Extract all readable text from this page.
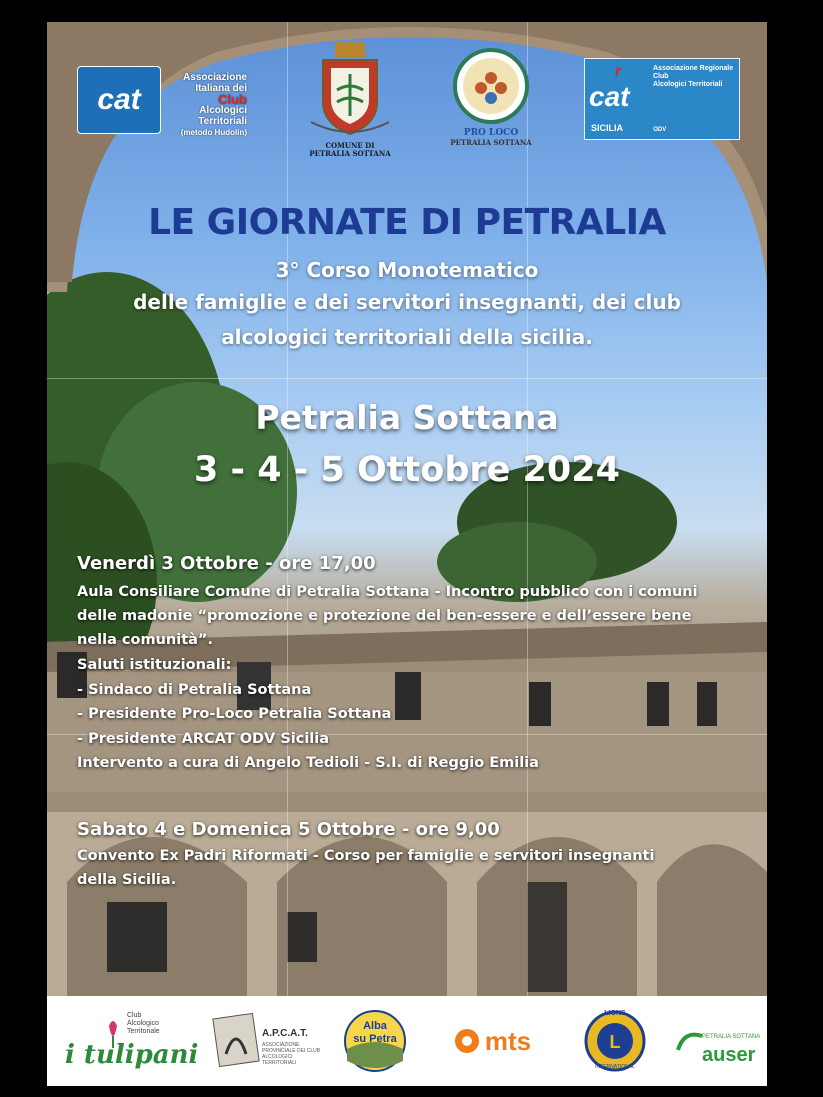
cat
Associazione
Italiana dei
Club
Alcologici
Territoriali
(metodo Hudolin)
COMUNE DI
PETRALIA SOTTANA
PRO LOCO
PETRALIA SOTTANA
r
cat
Associazione Regionale Club
Alcologici Territoriali
SICILIA	ODV
LE GIORNATE DI PETRALIA
3° Corso Monotematico
delle famiglie e dei servitori insegnanti, dei club
alcologici territoriali della sicilia.
Petralia Sottana
3 - 4 - 5 Ottobre 2024
Venerdì 3 Ottobre - ore 17,00
Aula Consiliare Comune di Petralia Sottana - Incontro pubblico con i comuni
delle madonie “promozione e protezione del ben-essere e dell’essere bene
nella comunità”.
Saluti istituzionali:
- Sindaco di Petralia Sottana
- Presidente Pro-Loco Petralia Sottana
- Presidente ARCAT ODV Sicilia
Intervento a cura di Angelo Tedioli - S.I. di Reggio Emilia
Sabato 4 e Domenica 5 Ottobre - ore 9,00
Convento Ex Padri Riformati - Corso per famiglie e servitori insegnanti
della Sicilia.
i tulipani
Club
Alcologico
Territoriale	A.P.C.A.T.
ASSOCIAZIONE PROVINCIALE DEI CLUB ALCOLOGICI TERRITORIALI
Alba
su Petra	mts	L
LIONS
INTERNATIONAL
auser
PETRALIA SOTTANA
